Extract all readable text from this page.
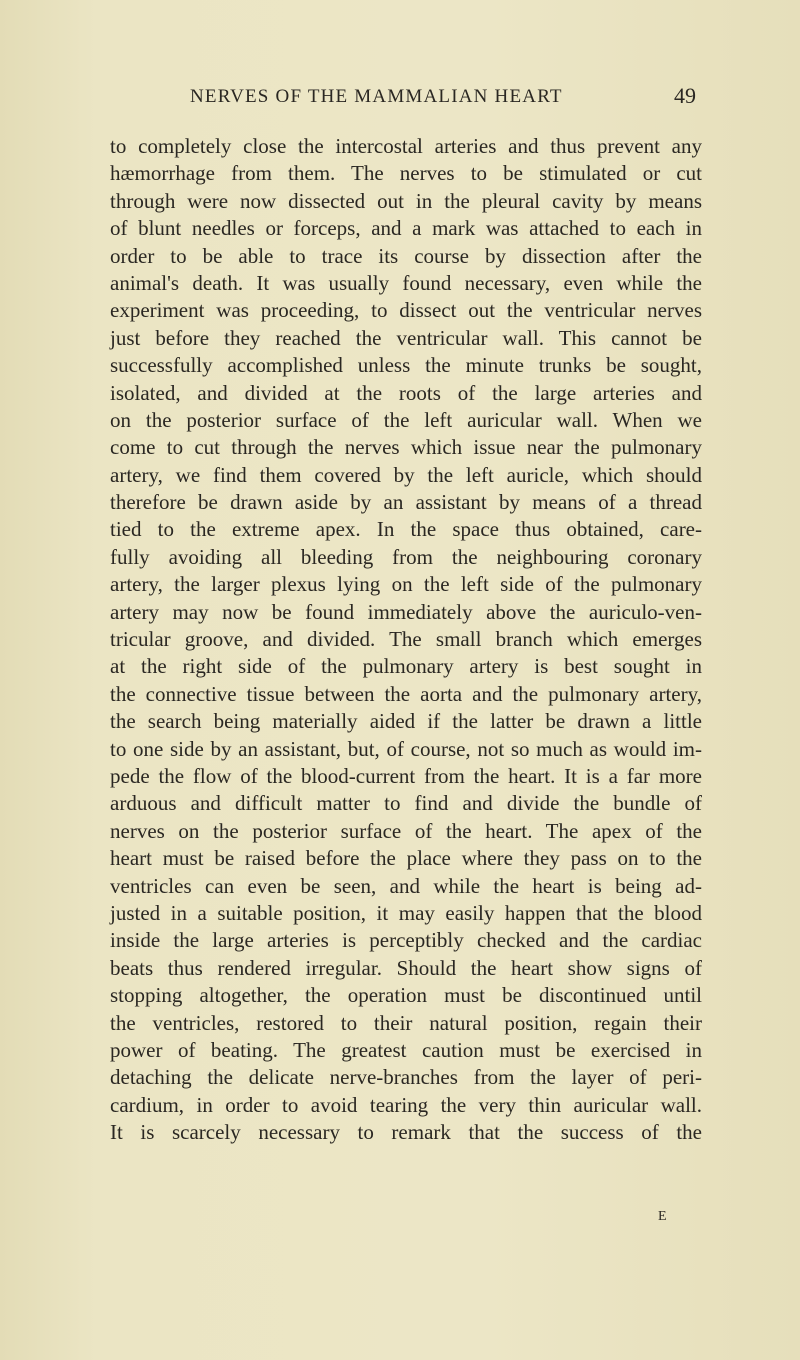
NERVES OF THE MAMMALIAN HEART	49
to completely close the intercostal arteries and thus prevent any
hæmorrhage from them. The nerves to be stimulated or cut
through were now dissected out in the pleural cavity by means
of blunt needles or forceps, and a mark was attached to each in
order to be able to trace its course by dissection after the
animal's death. It was usually found necessary, even while the
experiment was proceeding, to dissect out the ventricular nerves
just before they reached the ventricular wall. This cannot be
successfully accomplished unless the minute trunks be sought,
isolated, and divided at the roots of the large arteries and
on the posterior surface of the left auricular wall. When we
come to cut through the nerves which issue near the pulmonary
artery, we find them covered by the left auricle, which should
therefore be drawn aside by an assistant by means of a thread
tied to the extreme apex. In the space thus obtained, care-
fully avoiding all bleeding from the neighbouring coronary
artery, the larger plexus lying on the left side of the pulmonary
artery may now be found immediately above the auriculo-ven-
tricular groove, and divided. The small branch which emerges
at the right side of the pulmonary artery is best sought in
the connective tissue between the aorta and the pulmonary artery,
the search being materially aided if the latter be drawn a little
to one side by an assistant, but, of course, not so much as would im-
pede the flow of the blood-current from the heart. It is a far more
arduous and difficult matter to find and divide the bundle of
nerves on the posterior surface of the heart. The apex of the
heart must be raised before the place where they pass on to the
ventricles can even be seen, and while the heart is being ad-
justed in a suitable position, it may easily happen that the blood
inside the large arteries is perceptibly checked and the cardiac
beats thus rendered irregular. Should the heart show signs of
stopping altogether, the operation must be discontinued until
the ventricles, restored to their natural position, regain their
power of beating. The greatest caution must be exercised in
detaching the delicate nerve-branches from the layer of peri-
cardium, in order to avoid tearing the very thin auricular wall.
It is scarcely necessary to remark that the success of the
E
